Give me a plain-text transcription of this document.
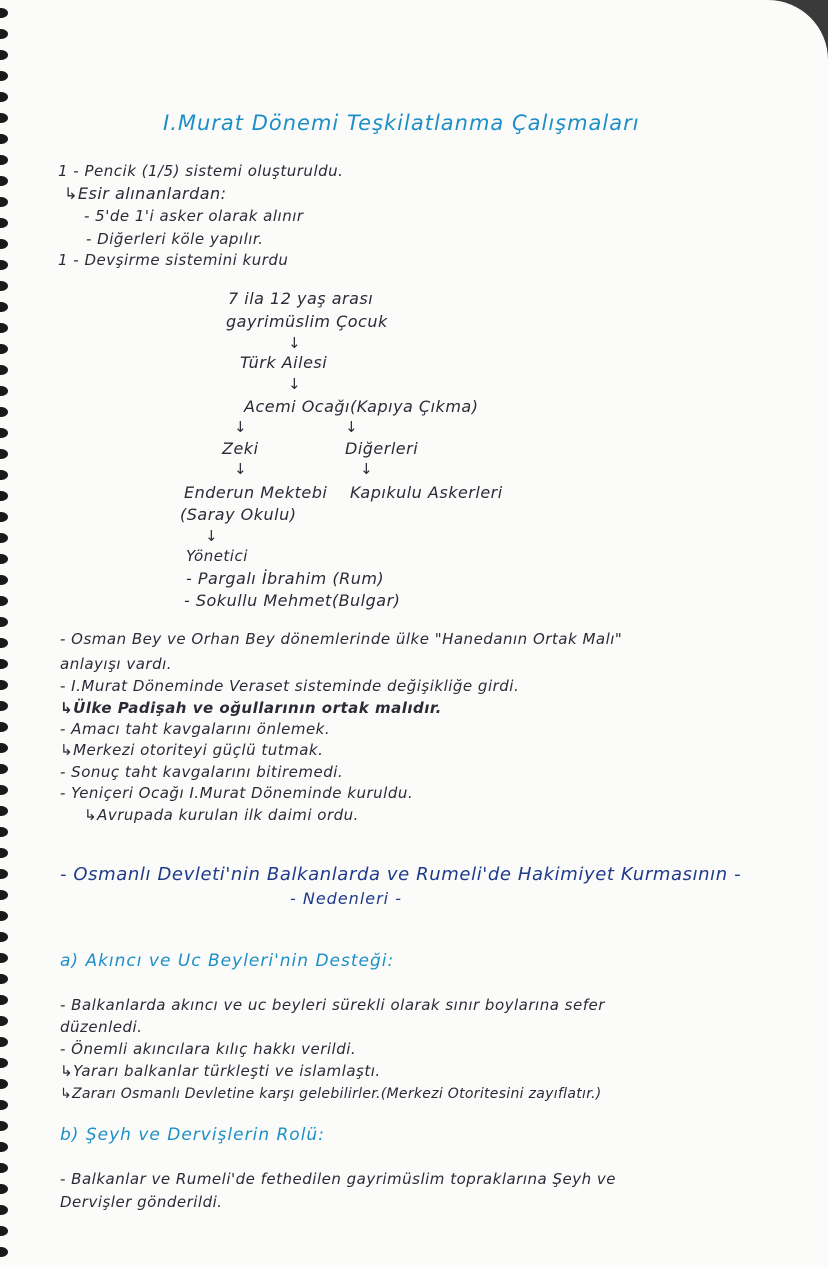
I.Murat Dönemi Teşkilatlanma Çalışmaları
1 - Pencik (1/5) sistemi oluşturuldu.
↳Esir alınanlardan:
- 5'de 1'i asker olarak alınır
- Diğerleri köle yapılır.
1 - Devşirme sistemini kurdu
7 ila 12 yaş arası
gayrimüslim Çocuk
↓
Türk Ailesi
↓
Acemi Ocağı(Kapıya Çıkma)
↓	↓
Zeki	Diğerleri
↓	↓
Enderun Mektebi Kapıkulu Askerleri
(Saray Okulu)
↓
Yönetici
- Pargalı İbrahim (Rum)
- Sokullu Mehmet(Bulgar)
- Osman Bey ve Orhan Bey dönemlerinde ülke "Hanedanın Ortak Malı"
anlayışı vardı.
- I.Murat Döneminde Veraset sisteminde değişikliğe girdi.
↳Ülke Padişah ve oğullarının ortak malıdır.
- Amacı taht kavgalarını önlemek.
↳Merkezi otoriteyi güçlü tutmak.
- Sonuç taht kavgalarını bitiremedi.
- Yeniçeri Ocağı I.Murat Döneminde kuruldu.
↳Avrupada kurulan ilk daimi ordu.
- Osmanlı Devleti'nin Balkanlarda ve Rumeli'de Hakimiyet Kurmasının -
- Nedenleri -
a) Akıncı ve Uc Beyleri'nin Desteği:
- Balkanlarda akıncı ve uc beyleri sürekli olarak sınır boylarına sefer
düzenledi.
- Önemli akıncılara kılıç hakkı verildi.
↳Yararı balkanlar türkleşti ve islamlaştı.
↳Zararı Osmanlı Devletine karşı gelebilirler.(Merkezi Otoritesini zayıflatır.)
b) Şeyh ve Dervişlerin Rolü:
- Balkanlar ve Rumeli'de fethedilen gayrimüslim topraklarına Şeyh ve
Dervişler gönderildi.
